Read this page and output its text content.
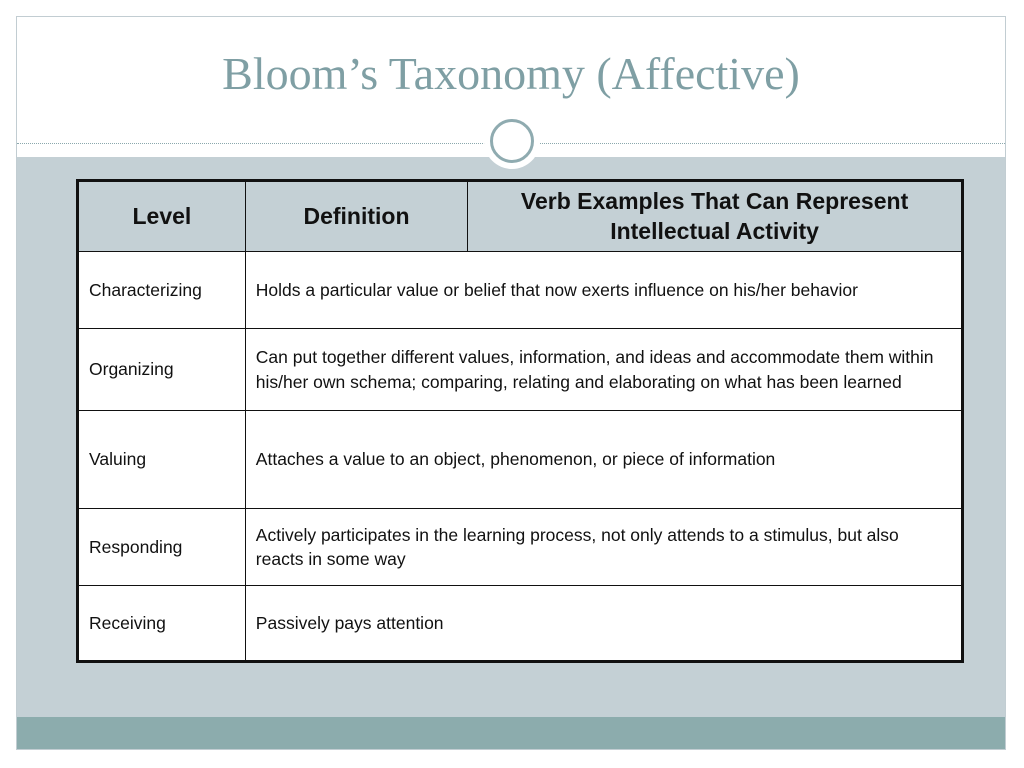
Bloom’s Taxonomy (Affective)
Level	Definition	Verb Examples That Can Represent Intellectual Activity
Characterizing	Holds a particular value or belief that now exerts influence on his/her behavior	
Organizing	Can put together different values, information, and ideas and accommodate them within his/her own schema; comparing, relating and elaborating on what has been learned	
Valuing	Attaches a value to an object, phenomenon, or piece of information	
Responding	Actively participates in the learning process, not only attends to a stimulus, but also reacts in some way	
Receiving	Passively pays attention	
